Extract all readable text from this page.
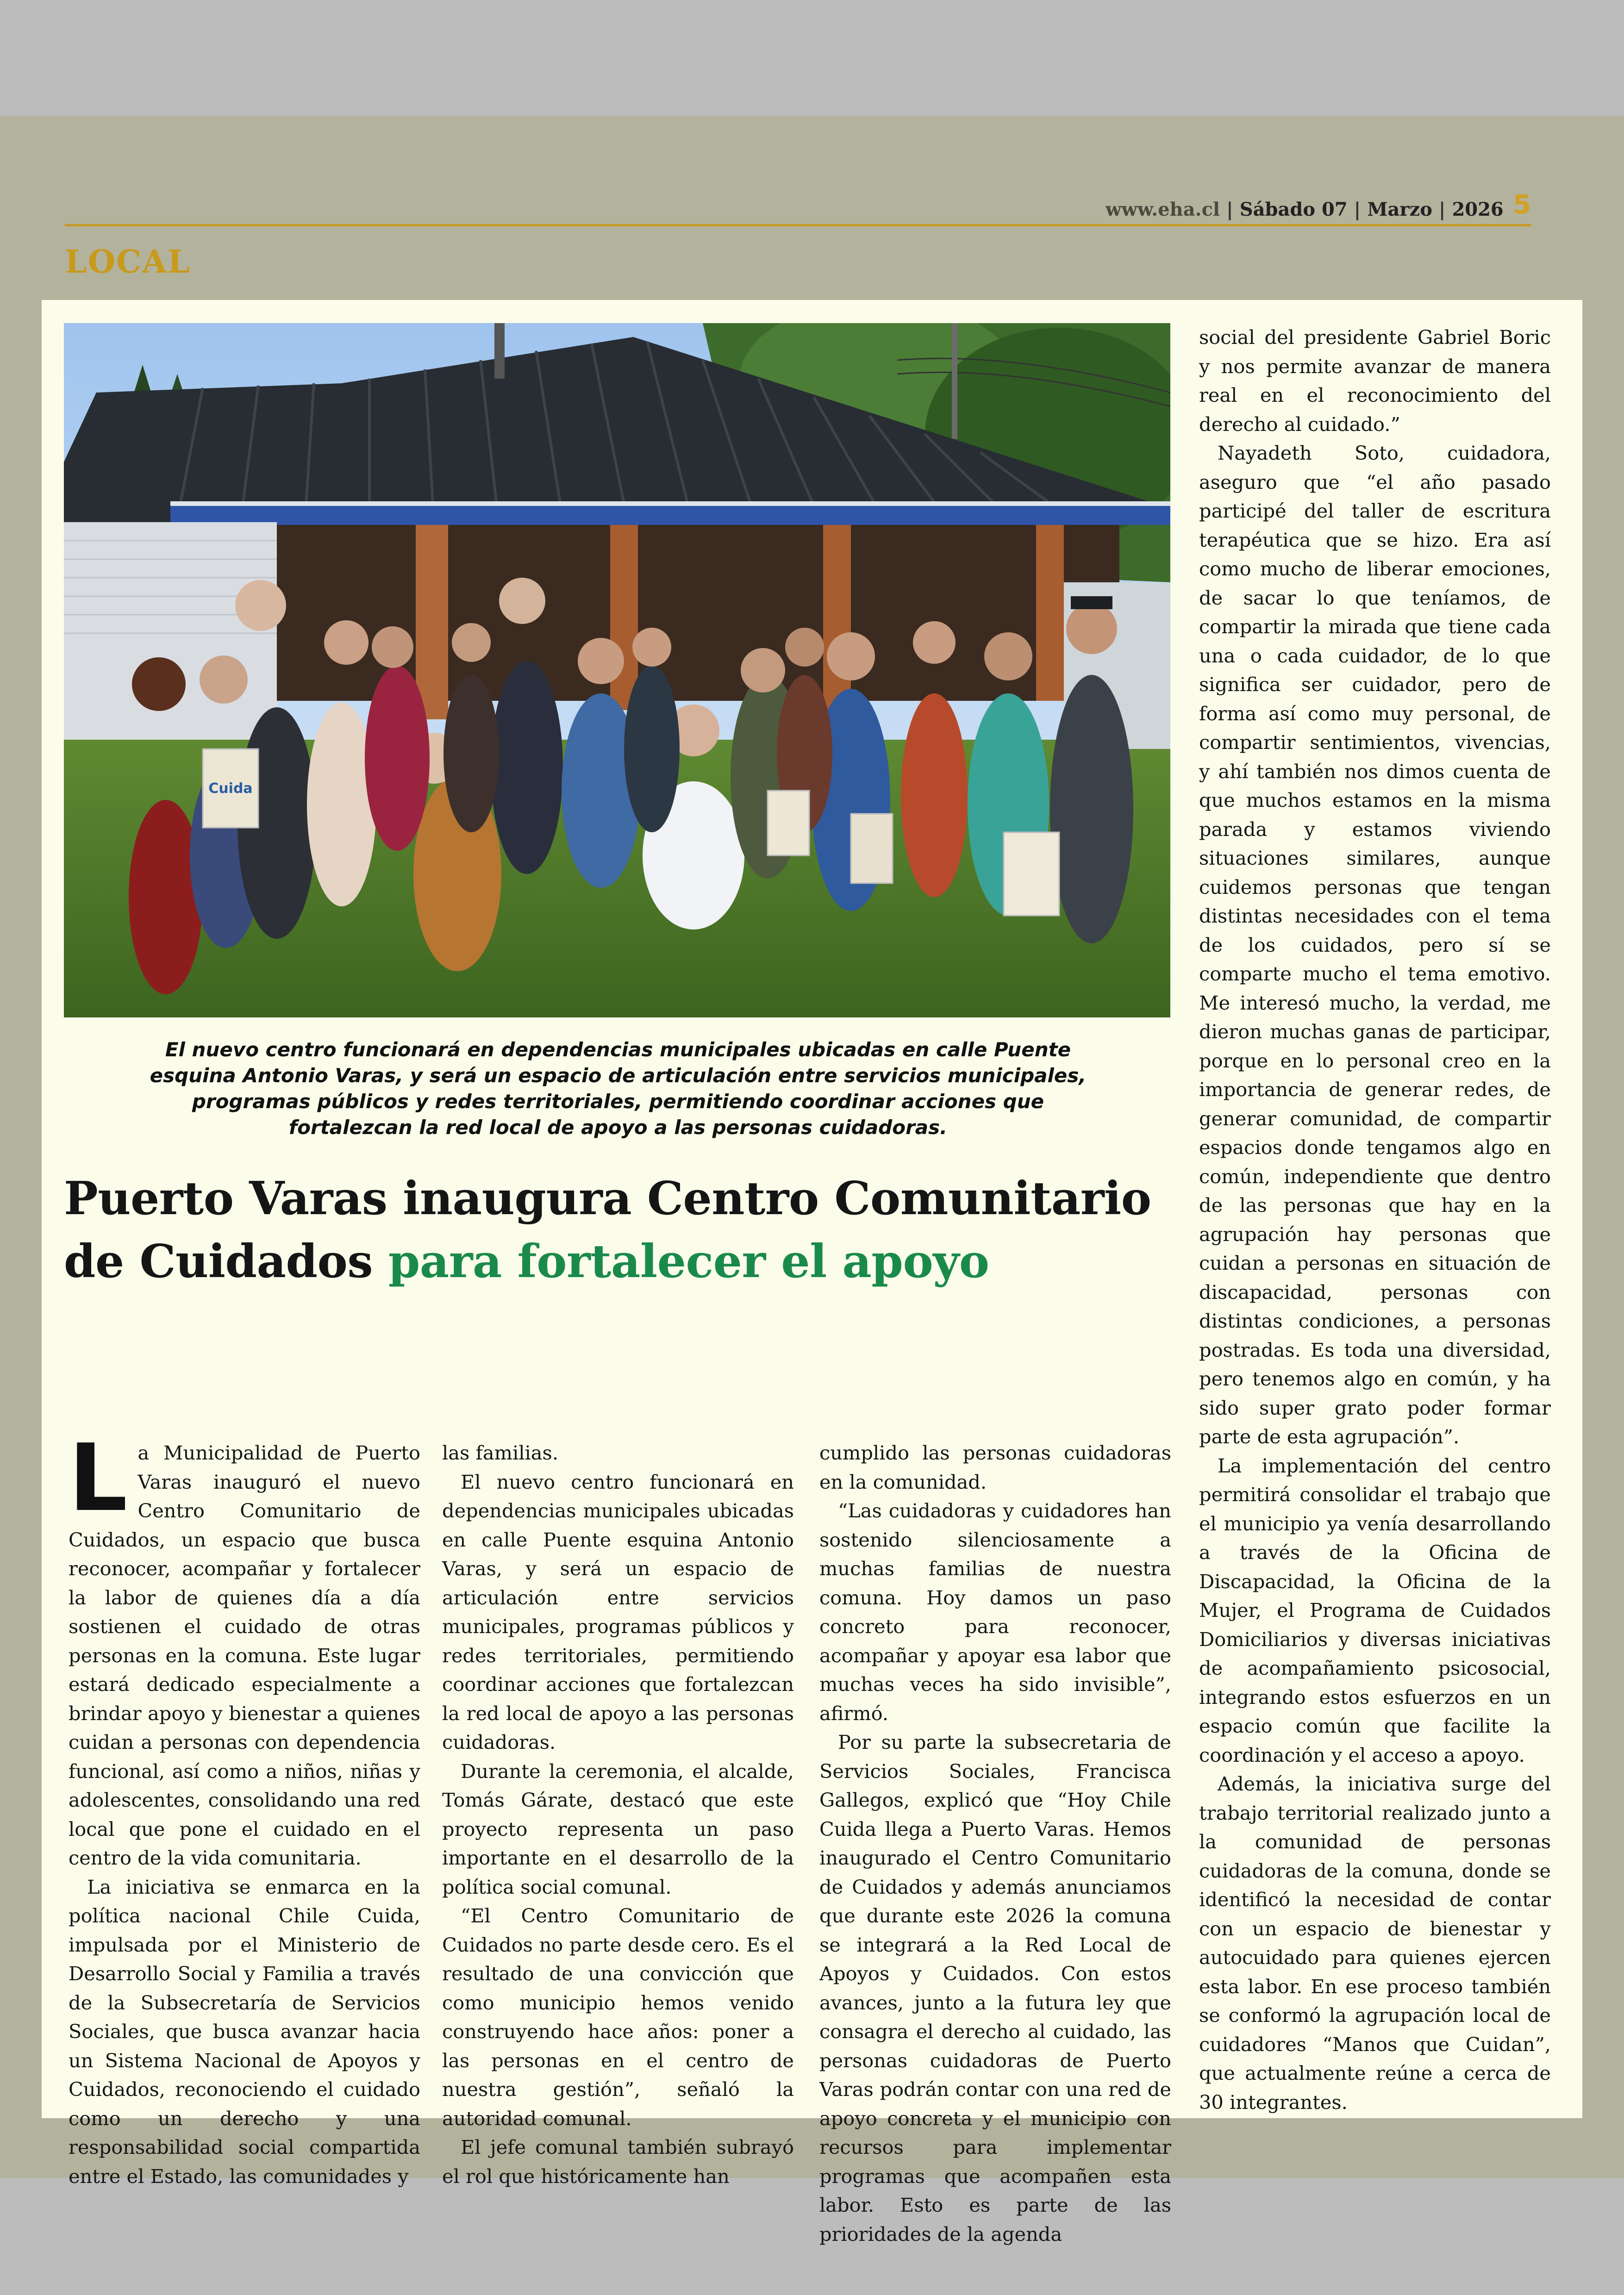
www.eha.cl | Sábado 07 | Marzo | 2026 5
LOCAL
Cuida
El nuevo centro funcionará en dependencias municipales ubicadas en calle Puente esquina Antonio Varas, y será un espacio de articulación entre servicios municipales, programas públicos y redes territoriales, permitiendo coordinar acciones que fortalezcan la red local de apoyo a las personas cuidadoras.
Puerto Varas inaugura Centro Comunitario de Cuidados para fortalecer el apoyo

La Municipalidad de Puerto Varas inauguró el nuevo Centro Comunitario de Cuidados, un espacio que busca reconocer, acompañar y fortalecer la labor de quienes día a día sostienen el cuidado de otras personas en la comuna. Este lugar estará dedicado especialmente a brindar apoyo y bienestar a quienes cuidan a personas con dependencia funcional, así como a niños, niñas y adolescentes, consolidando una red local que pone el cuidado en el centro de la vida comunitaria.

La iniciativa se enmarca en la política nacional Chile Cuida, impulsada por el Ministerio de Desarrollo Social y Familia a través de la Subsecretaría de Servicios Sociales, que busca avanzar hacia un Sistema Nacional de Apoyos y Cuidados, reconociendo el cuidado como un derecho y una responsabilidad social compartida entre el Estado, las comunidades y

las familias.

El nuevo centro funcionará en dependencias municipales ubicadas en calle Puente esquina Antonio Varas, y será un espacio de articulación entre servicios municipales, programas públicos y redes territoriales, permitiendo coordinar acciones que fortalezcan la red local de apoyo a las personas cuidadoras.

Durante la ceremonia, el alcalde, Tomás Gárate, destacó que este proyecto representa un paso importante en el desarrollo de la política social comunal.

“El Centro Comunitario de Cuidados no parte desde cero. Es el resultado de una convicción que como municipio hemos venido construyendo hace años: poner a las personas en el centro de nuestra gestión”, señaló la autoridad comunal.

El jefe comunal también subrayó el rol que históricamente han

cumplido las personas cuidadoras en la comunidad.

“Las cuidadoras y cuidadores han sostenido silenciosamente a muchas familias de nuestra comuna. Hoy damos un paso concreto para reconocer, acompañar y apoyar esa labor que muchas veces ha sido invisible”, afirmó.

Por su parte la subsecretaria de Servicios Sociales, Francisca Gallegos, explicó que “Hoy Chile Cuida llega a Puerto Varas. Hemos inaugurado el Centro Comunitario de Cuidados y además anunciamos que durante este 2026 la comuna se integrará a la Red Local de Apoyos y Cuidados. Con estos avances, junto a la futura ley que consagra el derecho al cuidado, las personas cuidadoras de Puerto Varas podrán contar con una red de apoyo concreta y el municipio con recursos para implementar programas que acompañen esta labor. Esto es parte de las prioridades de la agenda

social del presidente Gabriel Boric y nos permite avanzar de manera real en el reconocimiento del derecho al cuidado.”

Nayadeth Soto, cuidadora, aseguro que “el año pasado participé del taller de escritura terapéutica que se hizo. Era así como mucho de liberar emociones, de sacar lo que teníamos, de compartir la mirada que tiene cada una o cada cuidador, de lo que significa ser cuidador, pero de forma así como muy personal, de compartir sentimientos, vivencias, y ahí también nos dimos cuenta de que muchos estamos en la misma parada y estamos viviendo situaciones similares, aunque cuidemos personas que tengan distintas necesidades con el tema de los cuidados, pero sí se comparte mucho el tema emotivo. Me interesó mucho, la verdad, me dieron muchas ganas de participar, porque en lo personal creo en la importancia de generar redes, de generar comunidad, de compartir espacios donde tengamos algo en común, independiente que dentro de las personas que hay en la agrupación hay personas que cuidan a personas en situación de discapacidad, personas con distintas condiciones, a personas postradas. Es toda una diversidad, pero tenemos algo en común, y ha sido super grato poder formar parte de esta agrupación”.

La implementación del centro permitirá consolidar el trabajo que el municipio ya venía desarrollando a través de la Oficina de Discapacidad, la Oficina de la Mujer, el Programa de Cuidados Domiciliarios y diversas iniciativas de acompañamiento psicosocial, integrando estos esfuerzos en un espacio común que facilite la coordinación y el acceso a apoyo.

Además, la iniciativa surge del trabajo territorial realizado junto a la comunidad de personas cuidadoras de la comuna, donde se identificó la necesidad de contar con un espacio de bienestar y autocuidado para quienes ejercen esta labor. En ese proceso también se conformó la agrupación local de cuidadores “Manos que Cuidan”, que actualmente reúne a cerca de 30 integrantes.
